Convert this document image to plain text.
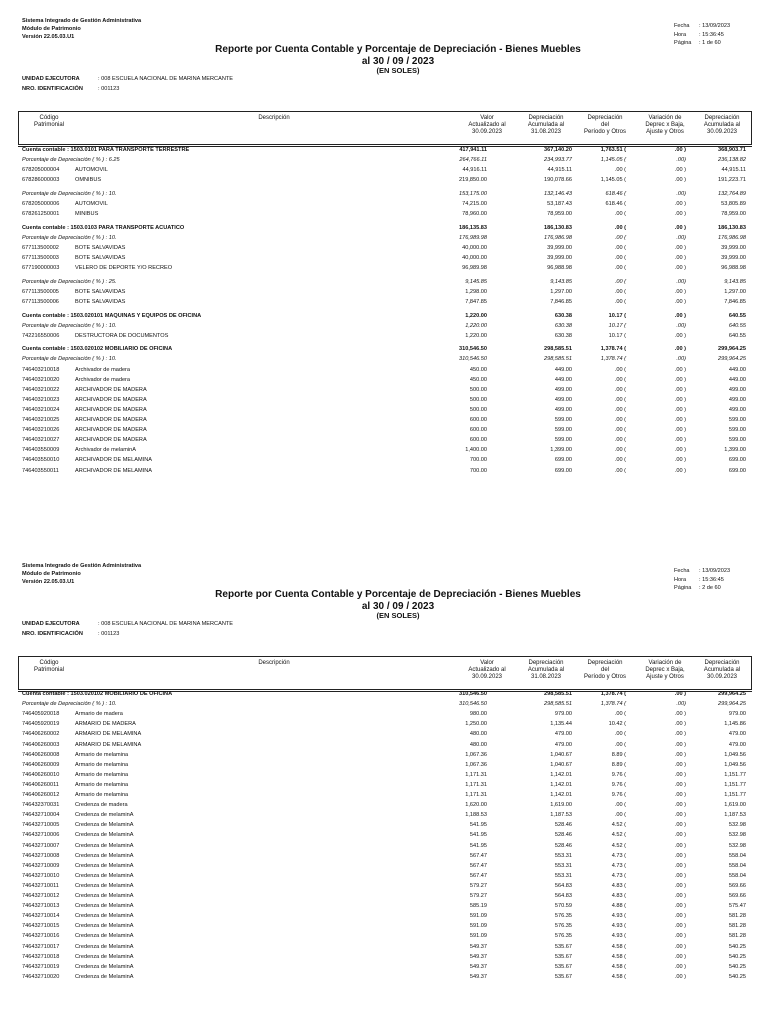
Sistema Integrado de Gestión Administrativa
Módulo de Patrimonio
Versión 22.05.03.U1
Fecha : 13/09/2023
Hora : 15:36:45
Página : 1 de 60
Reporte por Cuenta Contable y Porcentaje de Depreciación - Bienes Muebles
al 30 / 09 / 2023
(EN SOLES)
UNIDAD EJECUTORA	: 008 ESCUELA NACIONAL DE MARINA MERCANTE
NRO. IDENTIFICACIÓN	: 001123
Código
Patrimonial
Descripción	Valor
Actualizado al
30.09.2023
Depreciación
Acumulada al
31.08.2023
Depreciación
del
Período y Otros
Variación de
Deprec x Baja,
Ajuste y Otros
Depreciación
Acumulada al
30.09.2023
Cuenta contable : 1503.0101 PARA TRANSPORTE TERRESTRE	417,941.11	367,140.20	1,763.51 (	.00 )	368,903.71
Porcentaje de Depreciación ( % ) : 6.25	264,766.11	234,993.77	1,145.05 (	.00)	236,138.82
678205000004	AUTOMOVIL	44,916.11	44,915.11	.00 (	.00 )	44,915.11
678286000003	OMNIBUS	219,850.00	190,078.66	1,145.05 (	.00 )	191,223.71
Porcentaje de Depreciación ( % ) : 10.	153,175.00	132,146.43	618.46 (	.00)	132,764.89
678205000006	AUTOMOVIL	74,215.00	53,187.43	618.46 (	.00 )	53,805.89
678261250001	MINIBUS	78,960.00	78,959.00	.00 (	.00 )	78,959.00
Cuenta contable : 1503.0103 PARA TRANSPORTE ACUATICO	186,135.83	186,130.83	.00 (	.00 )	186,130.83
Porcentaje de Depreciación ( % ) : 10.	176,989.98	176,986.98	.00 (	.00)	176,986.98
677113500002	BOTE SALVAVIDAS	40,000.00	39,999.00	.00 (	.00 )	39,999.00
677113500003	BOTE SALVAVIDAS	40,000.00	39,999.00	.00 (	.00 )	39,999.00
677190000003	VELERO DE DEPORTE Y/O RECREO	96,989.98	96,988.98	.00 (	.00 )	96,988.98
Porcentaje de Depreciación ( % ) : 25.	9,145.85	9,143.85	.00 (	.00)	9,143.85
677113500005	BOTE SALVAVIDAS	1,298.00	1,297.00	.00 (	.00 )	1,297.00
677113500006	BOTE SALVAVIDAS	7,847.85	7,846.85	.00 (	.00 )	7,846.85
Cuenta contable : 1503.020101 MAQUINAS Y EQUIPOS DE OFICINA	1,220.00	630.38	10.17 (	.00 )	640.55
Porcentaje de Depreciación ( % ) : 10.	1,220.00	630.38	10.17 (	.00)	640.55
742216550006	DESTRUCTORA DE DOCUMENTOS	1,220.00	630.38	10.17 (	.00 )	640.55
Cuenta contable : 1503.020102 MOBILIARIO DE OFICINA	310,546.50	298,585.51	1,378.74 (	.00 )	299,964.25
Porcentaje de Depreciación ( % ) : 10.	310,546.50	298,585.51	1,378.74 (	.00)	299,964.25
746403210018	Archivador de madera	450.00	449.00	.00 (	.00 )	449.00
746403210020	Archivador de madera	450.00	449.00	.00 (	.00 )	449.00
746403210022	ARCHIVADOR DE MADERA	500.00	499.00	.00 (	.00 )	499.00
746403210023	ARCHIVADOR DE MADERA	500.00	499.00	.00 (	.00 )	499.00
746403210024	ARCHIVADOR DE MADERA	500.00	499.00	.00 (	.00 )	499.00
746403210025	ARCHIVADOR DE MADERA	600.00	599.00	.00 (	.00 )	599.00
746403210026	ARCHIVADOR DE MADERA	600.00	599.00	.00 (	.00 )	599.00
746403210027	ARCHIVADOR DE MADERA	600.00	599.00	.00 (	.00 )	599.00
746403550009	Archivador de melaminA	1,400.00	1,399.00	.00 (	.00 )	1,399.00
746403550010	ARCHIVADOR DE MELAMINA	700.00	699.00	.00 (	.00 )	699.00
746403550011	ARCHIVADOR DE MELAMINA	700.00	699.00	.00 (	.00 )	699.00
Sistema Integrado de Gestión Administrativa
Módulo de Patrimonio
Versión 22.05.03.U1
Fecha : 13/09/2023
Hora : 15:36:45
Página : 2 de 60
Reporte por Cuenta Contable y Porcentaje de Depreciación - Bienes Muebles
al 30 / 09 / 2023
(EN SOLES)
UNIDAD EJECUTORA	: 008 ESCUELA NACIONAL DE MARINA MERCANTE
NRO. IDENTIFICACIÓN	: 001123
Código
Patrimonial
Descripción	Valor
Actualizado al
30.09.2023
Depreciación
Acumulada al
31.08.2023
Depreciación
del
Período y Otros
Variación de
Deprec x Baja,
Ajuste y Otros
Depreciación
Acumulada al
30.09.2023
Cuenta contable : 1503.020102 MOBILIARIO DE OFICINA	310,546.50	298,585.51	1,378.74 (	.00 )	299,964.25
Porcentaje de Depreciación ( % ) : 10.	310,546.50	298,585.51	1,378.74 (	.00)	299,964.25
746405920018	Armario de madera	980.00	979.00	.00 (	.00 )	979.00
746405920019	ARMARIO DE MADERA	1,250.00	1,135.44	10.42 (	.00 )	1,145.86
746406260002	ARMARIO DE MELAMINA	480.00	479.00	.00 (	.00 )	479.00
746406260003	ARMARIO DE MELAMINA	480.00	479.00	.00 (	.00 )	479.00
746406260008	Armario de melamina	1,067.36	1,040.67	8.89 (	.00 )	1,049.56
746406260009	Armario de melamina	1,067.36	1,040.67	8.89 (	.00 )	1,049.56
746406260010	Armario de melamina	1,171.31	1,142.01	9.76 (	.00 )	1,151.77
746406260011	Armario de melamina	1,171.31	1,142.01	9.76 (	.00 )	1,151.77
746406260012	Armario de melamina	1,171.31	1,142.01	9.76 (	.00 )	1,151.77
746432370031	Credenza de madera	1,620.00	1,619.00	.00 (	.00 )	1,619.00
746432710004	Credenza de melaminA	1,188.53	1,187.53	.00 (	.00 )	1,187.53
746432710005	Credenza de MelaminA	541.95	528.46	4.52 (	.00 )	532.98
746432710006	Credenza de MelaminA	541.95	528.46	4.52 (	.00 )	532.98
746432710007	Credenza de MelaminA	541.95	528.46	4.52 (	.00 )	532.98
746432710008	Credenza de MelaminA	567.47	553.31	4.73 (	.00 )	558.04
746432710009	Credenza de MelaminA	567.47	553.31	4.73 (	.00 )	558.04
746432710010	Credenza de MelaminA	567.47	553.31	4.73 (	.00 )	558.04
746432710011	Credenza de MelaminA	579.27	564.83	4.83 (	.00 )	569.66
746432710012	Credenza de MelaminA	579.27	564.83	4.83 (	.00 )	569.66
746432710013	Credenza de MelaminA	585.19	570.59	4.88 (	.00 )	575.47
746432710014	Credenza de MelaminA	591.09	576.35	4.93 (	.00 )	581.28
746432710015	Credenza de MelaminA	591.09	576.35	4.93 (	.00 )	581.28
746432710016	Credenza de MelaminA	591.09	576.35	4.93 (	.00 )	581.28
746432710017	Credenza de MelaminA	549.37	535.67	4.58 (	.00 )	540.25
746432710018	Credenza de MelaminA	549.37	535.67	4.58 (	.00 )	540.25
746432710019	Credenza de MelaminA	549.37	535.67	4.58 (	.00 )	540.25
746432710020	Credenza de MelaminA	549.37	535.67	4.58 (	.00 )	540.25
